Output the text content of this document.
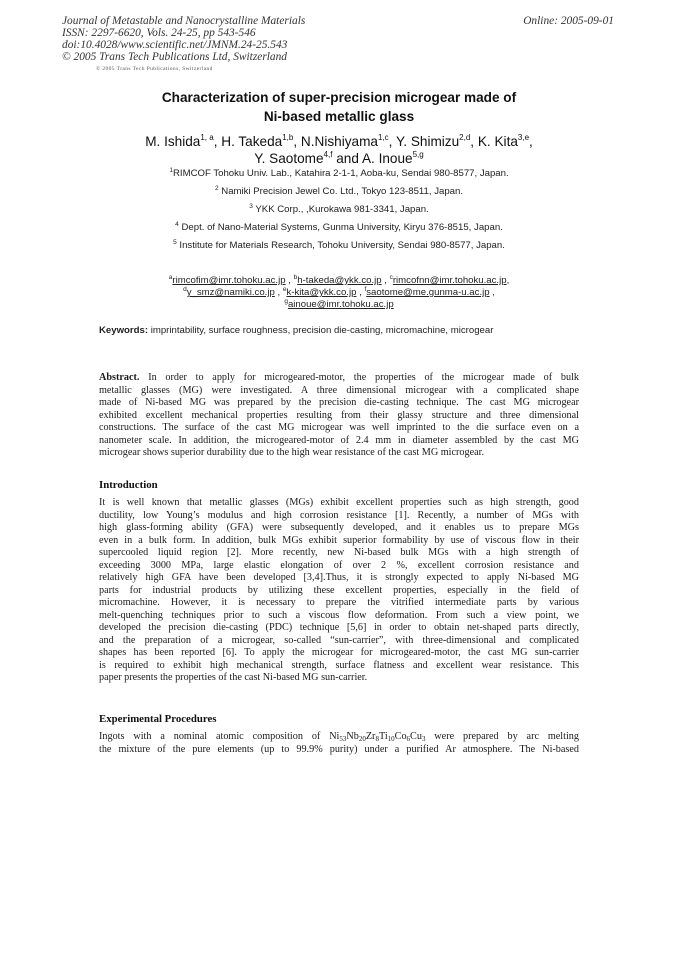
Journal of Metastable and Nanocrystalline Materials
ISSN: 2297-6620, Vols. 24-25, pp 543-546
doi:10.4028/www.scientific.net/JMNM.24-25.543
© 2005 Trans Tech Publications Ltd, Switzerland
Online: 2005-09-01
© 2005 Trans Tech Publications, Switzerland
Characterization of super-precision microgear made of
Ni-based metallic glass
M. Ishida$^{1, a}$, H. Takeda$^{1,b}$, N.Nishiyama$^{1,c}$, Y. Shimizu$^{2,d}$, K. Kita$^{3,e}$,
Y. Saotome$^{4,f}$ and A. Inoue$^{5,g}$
$^1$RIMCOF Tohoku Univ. Lab., Katahira 2-1-1, Aoba-ku, Sendai 980-8577, Japan.
$^2$ Namiki Precision Jewel Co. Ltd., Tokyo 123-8511, Japan.
$^3$ YKK Corp., ,Kurokawa 981-3341, Japan.
$^4$ Dept. of Nano-Material Systems, Gunma University, Kiryu 376-8515, Japan.
$^5$ Institute for Materials Research, Tohoku University, Sendai 980-8577, Japan.
$^a$rimcofim@imr.tohoku.ac.jp , $^b$h-takeda@ykk.co.jp , $^c$rimcofnn@imr.tohoku.ac.jp,
$^d$y_smz@namiki.co.jp , $^e$k-kita@ykk.co.jp , $^f$saotome@me.gunma-u.ac.jp ,
$^g$ainoue@imr.tohoku.ac.jp
Keywords: imprintability, surface roughness, precision die-casting, micromachine, microgear
Abstract. In order to apply for microgeared-motor, the properties of the microgear made of bulk
metallic glasses (MG) were investigated. A three dimensional microgear with a complicated shape
made of Ni-based MG was prepared by the precision die-casting technique. The cast MG microgear
exhibited excellent mechanical properties resulting from their glassy structure and three dimensional
constructions. The surface of the cast MG microgear was well imprinted to the die surface even on a
nanometer scale. In addition, the microgeared-motor of 2.4 mm in diameter assembled by the cast MG
microgear shows superior durability due to the high wear resistance of the cast MG microgear.
Introduction
It is well known that metallic glasses (MGs) exhibit excellent properties such as high strength, good
ductility, low Young’s modulus and high corrosion resistance [1]. Recently, a number of MGs with
high glass-forming ability (GFA) were subsequently developed, and it enables us to prepare MGs
even in a bulk form. In addition, bulk MGs exhibit superior formability by use of viscous flow in their
supercooled liquid region [2]. More recently, new Ni-based bulk MGs with a high strength of
exceeding 3000 MPa, large elastic elongation of over 2 %, excellent corrosion resistance and
relatively high GFA have been developed [3,4].Thus, it is strongly expected to apply Ni-based MG
parts for industrial products by utilizing these excellent properties, especially in the field of
micromachine. However, it is necessary to prepare the vitrified intermediate parts by various
melt-quenching techniques prior to such a viscous flow deformation. From such a view point, we
developed the precision die-casting (PDC) technique [5,6] in order to obtain net-shaped parts directly,
and the preparation of a microgear, so-called “sun-carrier”, with three-dimensional and complicated
shapes has been reported [6]. To apply the microgear for microgeared-motor, the cast MG sun-carrier
is required to exhibit high mechanical strength, surface flatness and excellent wear resistance. This
paper presents the properties of the cast Ni-based MG sun-carrier.
Experimental Procedures
Ingots with a nominal atomic composition of $Ni_{53}Nb_{20}Zr_8Ti_{10}Co_6Cu_3$ were prepared by arc melting
the mixture of the pure elements (up to 99.9% purity) under a purified Ar atmosphere. The Ni-based
